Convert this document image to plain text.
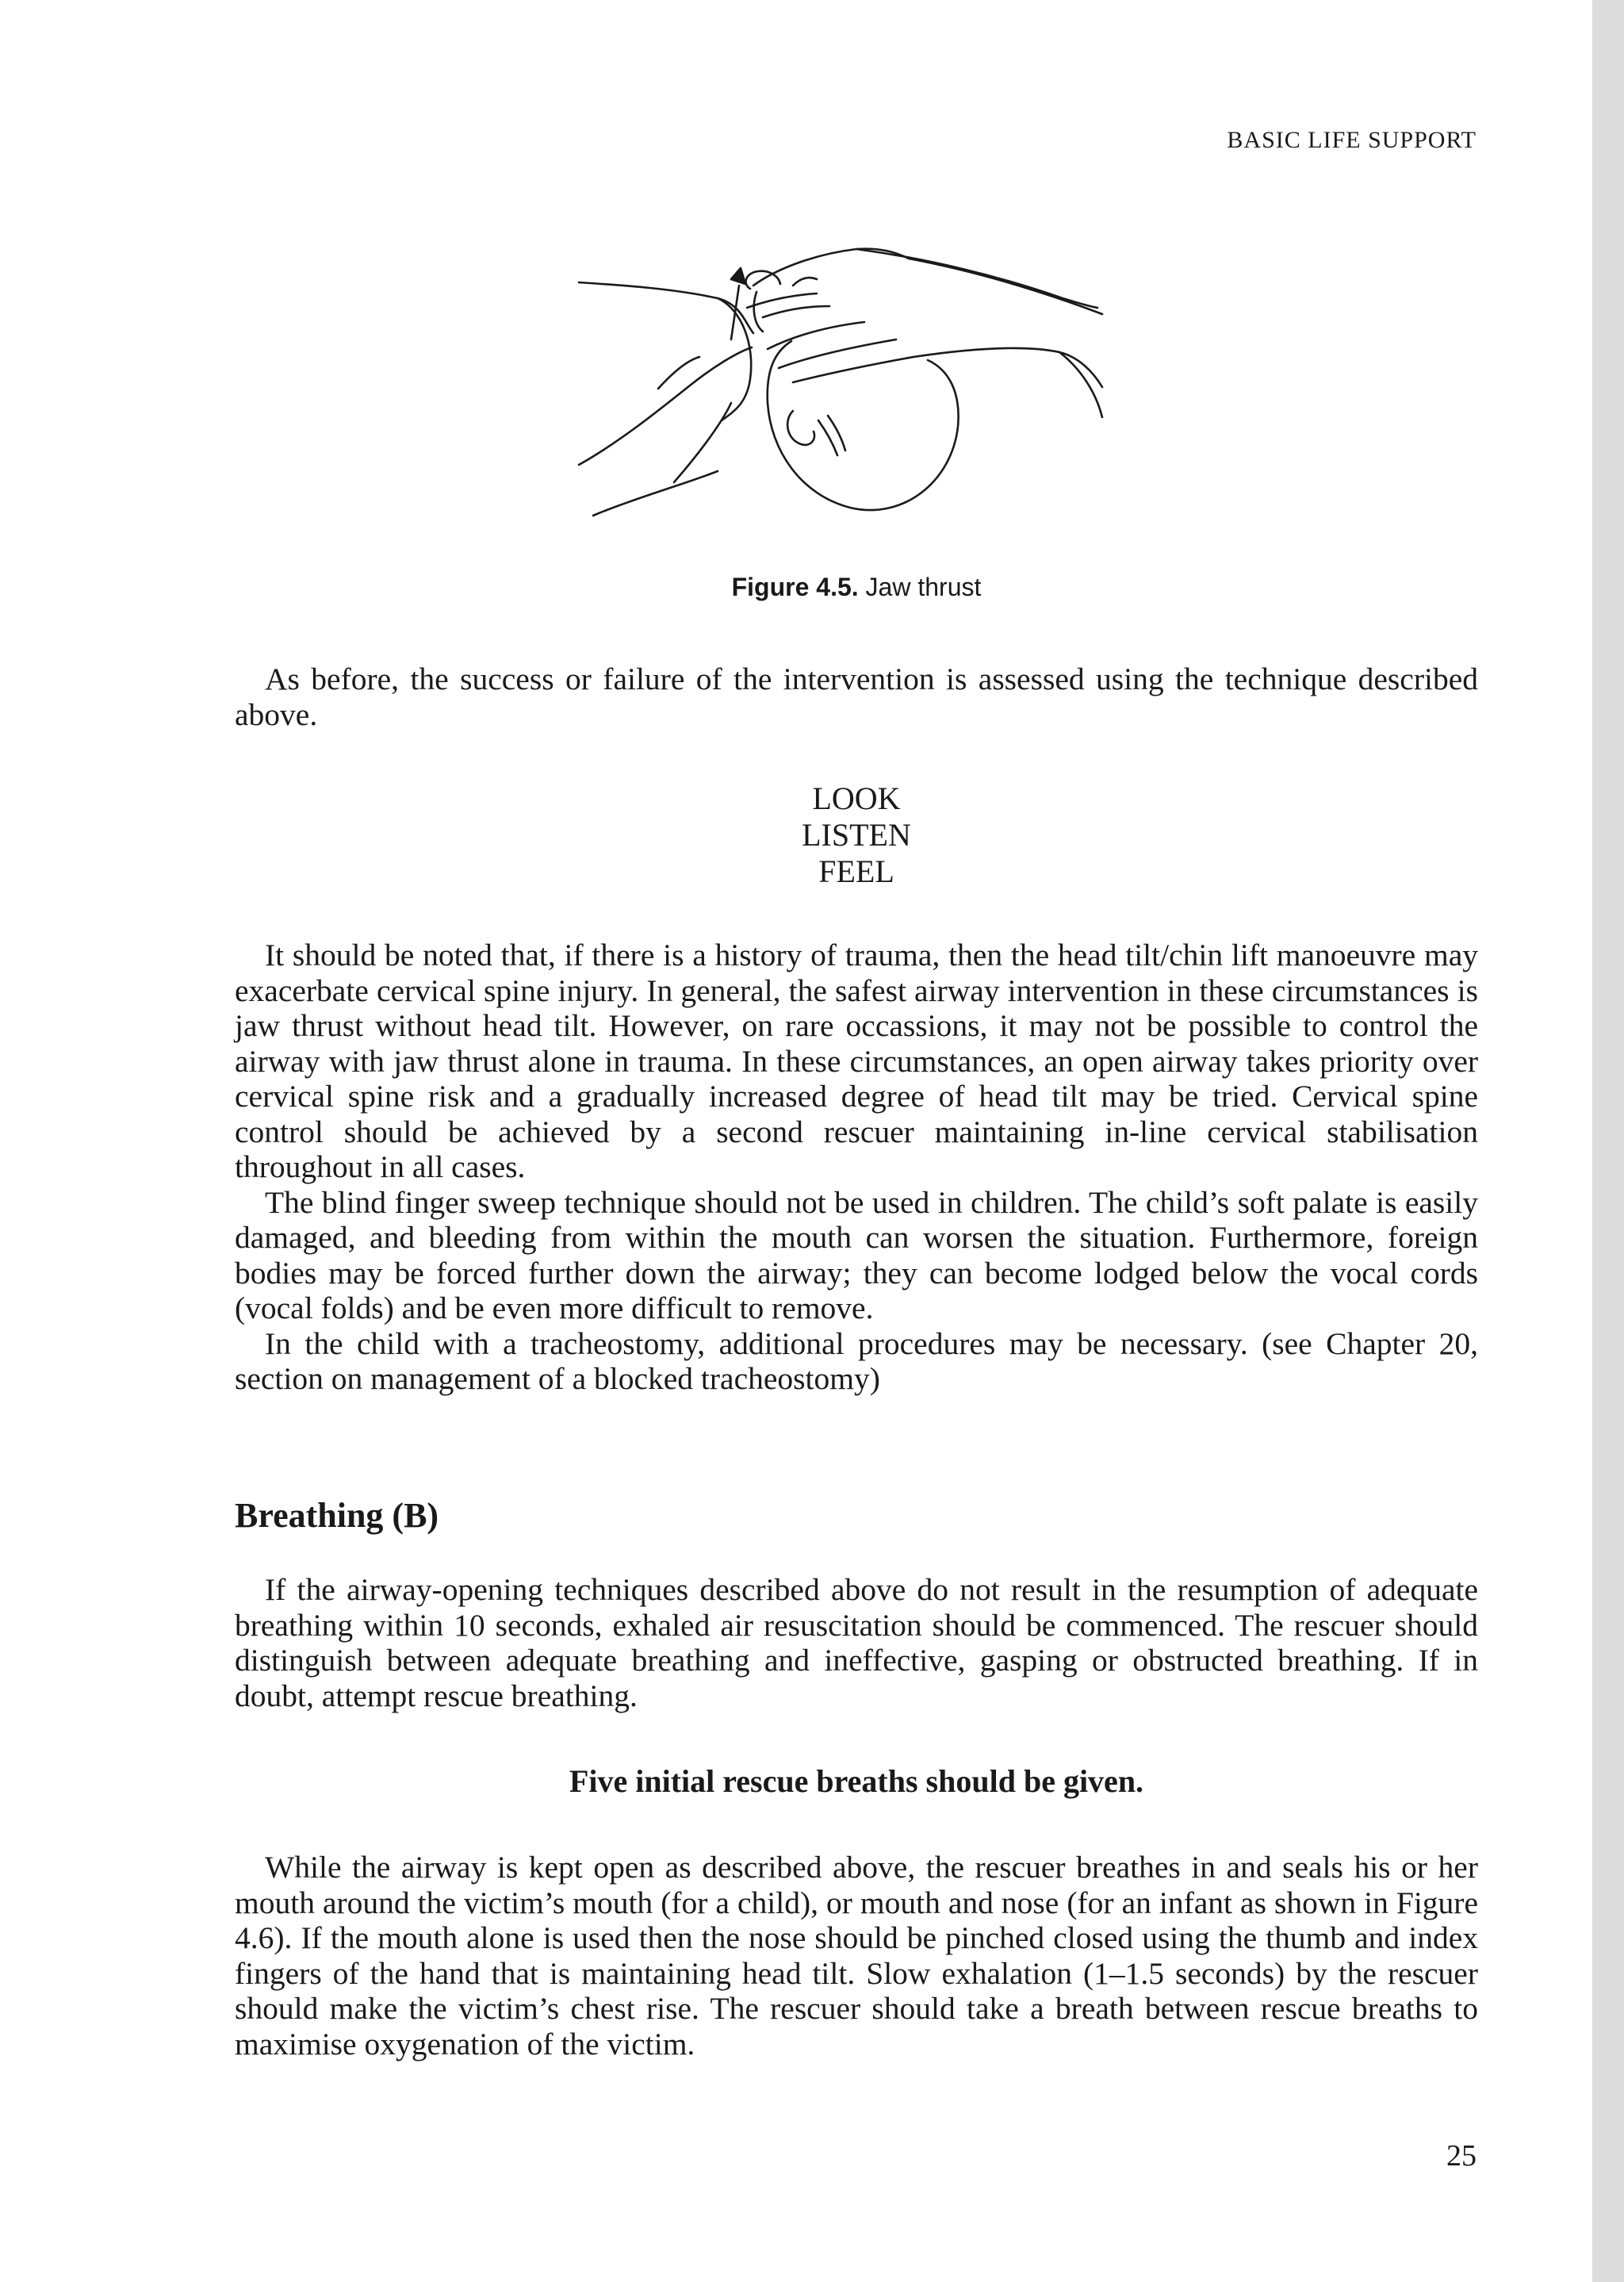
BASIC LIFE SUPPORT
Figure 4.5. Jaw thrust

As before, the success or failure of the intervention is assessed using the technique described above.

LOOK
LISTEN
FEEL

It should be noted that, if there is a history of trauma, then the head tilt/chin lift manoeuvre may exacerbate cervical spine injury. In general, the safest airway intervention in these circumstances is jaw thrust without head tilt. However, on rare occassions, it may not be possible to control the airway with jaw thrust alone in trauma. In these circumstances, an open airway takes priority over cervical spine risk and a gradually increased degree of head tilt may be tried. Cervical spine control should be achieved by a second rescuer maintaining in-line cervical stabilisation throughout in all cases.

The blind finger sweep technique should not be used in children. The child’s soft palate is easily damaged, and bleeding from within the mouth can worsen the situation. Furthermore, foreign bodies may be forced further down the airway; they can become lodged below the vocal cords (vocal folds) and be even more difficult to remove.

In the child with a tracheostomy, additional procedures may be necessary. (see Chapter 20, section on management of a blocked tracheostomy)

Breathing (B)

If the airway-opening techniques described above do not result in the resumption of adequate breathing within 10 seconds, exhaled air resuscitation should be commenced. The rescuer should distinguish between adequate breathing and ineffective, gasping or obstructed breathing. If in doubt, attempt rescue breathing.

Five initial rescue breaths should be given.

While the airway is kept open as described above, the rescuer breathes in and seals his or her mouth around the victim’s mouth (for a child), or mouth and nose (for an infant as shown in Figure 4.6). If the mouth alone is used then the nose should be pinched closed using the thumb and index fingers of the hand that is maintaining head tilt. Slow exhalation (1–1.5 seconds) by the rescuer should make the victim’s chest rise. The rescuer should take a breath between rescue breaths to maximise oxygenation of the victim.

25
